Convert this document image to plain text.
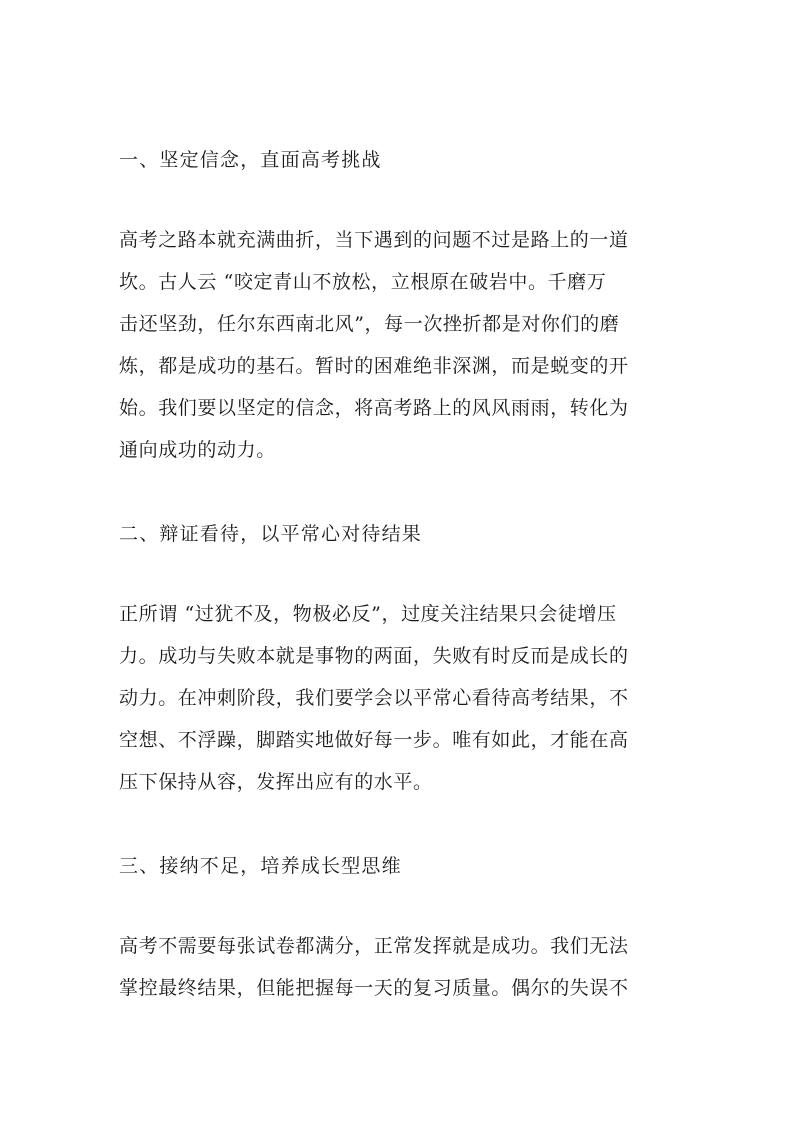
一、坚定信念，直面高考挑战
高考之路本就充满曲折，当下遇到的问题不过是路上的一道
坎。古人云 “咬定青山不放松，立根原在破岩中。千磨万
击还坚劲，任尔东西南北风”，每一次挫折都是对你们的磨
炼，都是成功的基石。暂时的困难绝非深渊，而是蜕变的开
始。我们要以坚定的信念，将高考路上的风风雨雨，转化为
通向成功的动力。
二、辩证看待，以平常心对待结果
正所谓 “过犹不及，物极必反”，过度关注结果只会徒增压
力。成功与失败本就是事物的两面，失败有时反而是成长的
动力。在冲刺阶段，我们要学会以平常心看待高考结果，不
空想、不浮躁，脚踏实地做好每一步。唯有如此，才能在高
压下保持从容，发挥出应有的水平。
三、接纳不足，培养成长型思维
高考不需要每张试卷都满分，正常发挥就是成功。我们无法
掌控最终结果，但能把握每一天的复习质量。偶尔的失误不
